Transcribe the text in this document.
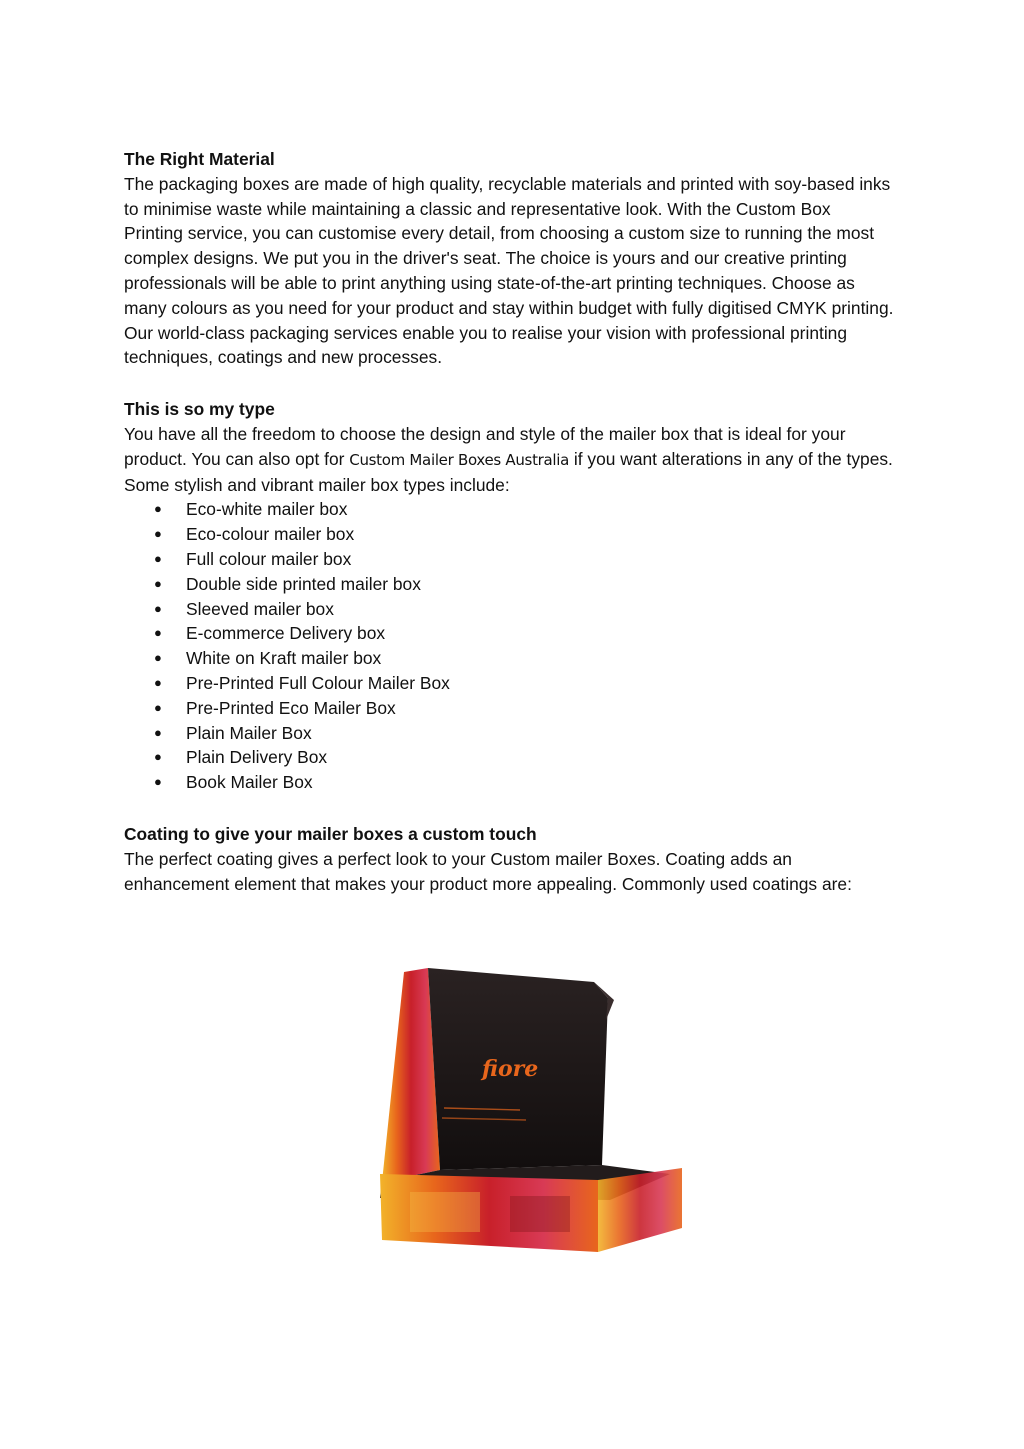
The Right Material

The packaging boxes are made of high quality, recyclable materials and printed with soy-based inks to minimise waste while maintaining a classic and representative look. With the Custom Box Printing service, you can customise every detail, from choosing a custom size to running the most complex designs. We put you in the driver's seat. The choice is yours and our creative printing professionals will be able to print anything using state-of-the-art printing techniques. Choose as many colours as you need for your product and stay within budget with fully digitised CMYK printing. Our world-class packaging services enable you to realise your vision with professional printing techniques, coatings and new processes.

This is so my type

You have all the freedom to choose the design and style of the mailer box that is ideal for your product. You can also opt for Custom Mailer Boxes Australia if you want alterations in any of the types. Some stylish and vibrant mailer box types include:

● Eco-white mailer box
● Eco-colour mailer box
● Full colour mailer box
● Double side printed mailer box
● Sleeved mailer box
● E-commerce Delivery box
● White on Kraft mailer box
● Pre-Printed Full Colour Mailer Box
● Pre-Printed Eco Mailer Box
● Plain Mailer Box
● Plain Delivery Box
● Book Mailer Box

Coating to give your mailer boxes a custom touch

The perfect coating gives a perfect look to your Custom mailer Boxes. Coating adds an enhancement element that makes your product more appealing. Commonly used coatings are:

fiore
